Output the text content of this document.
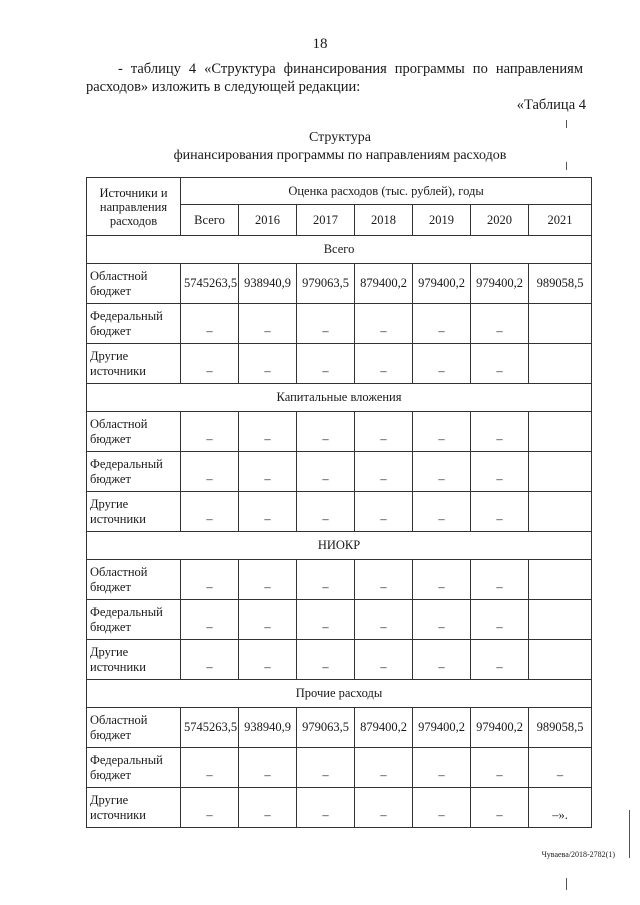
18

- таблицу 4 «Структура финансирования программы по направлениям расходов» изложить в следующей редакции:

«Таблица 4
Структура
финансирования программы по направлениям расходов
Источники и направления расходов	Оценка расходов (тыс. рублей), годы						
	Всего	2016	2017	2018	2019	2020	2021
Всего							
Областной бюджет	5745263,5	938940,9	979063,5	879400,2	979400,2	979400,2	989058,5
Федеральный бюджет	–	–	–	–	–	–	
Другие источники	–	–	–	–	–	–	
Капитальные вложения							
Областной бюджет	–	–	–	–	–	–	
Федеральный бюджет	–	–	–	–	–	–	
Другие источники	–	–	–	–	–	–	
НИОКР							
Областной бюджет	–	–	–	–	–	–	
Федеральный бюджет	–	–	–	–	–	–	
Другие источники	–	–	–	–	–	–	
Прочие расходы							
Областной бюджет	5745263,5	938940,9	979063,5	879400,2	979400,2	979400,2	989058,5
Федеральный бюджет	–	–	–	–	–	–	–
Другие источники	–	–	–	–	–	–	–».
Чуваева/2018-2782(1)
